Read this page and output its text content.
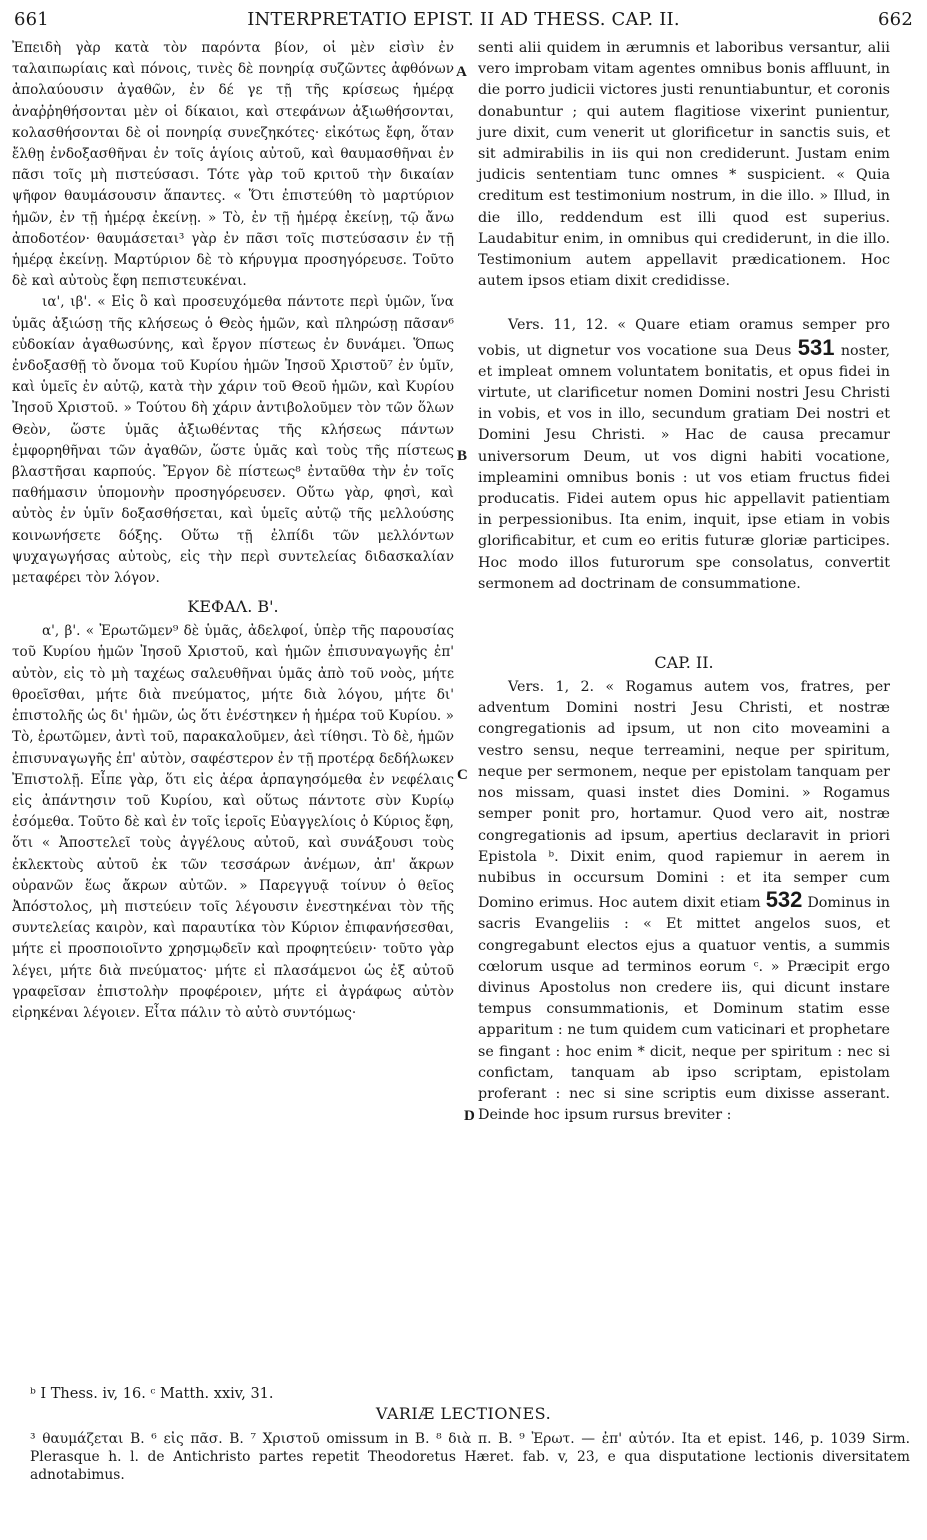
661	INTERPRETATIO EPIST. II AD THESS. CAP. II.	662
A
B
C
D

Ἐπειδὴ γὰρ κατὰ τὸν παρόντα βίον, οἱ μὲν εἰσὶν ἐν ταλαιπωρίαις καὶ πόνοις, τινὲς δὲ πονηρίᾳ συζῶντες ἀφθόνων ἀπολαύουσιν ἀγαθῶν, ἐν δέ γε τῇ τῆς κρίσεως ἡμέρᾳ ἀναῤῥηθήσονται μὲν οἱ δίκαιοι, καὶ στεφάνων ἀξιωθήσονται, κολασθήσονται δὲ οἱ πονηρίᾳ συνεζηκότες· εἰκότως ἔφη, ὅταν ἔλθῃ ἐνδοξασθῆναι ἐν τοῖς ἁγίοις αὐτοῦ, καὶ θαυμασθῆναι ἐν πᾶσι τοῖς μὴ πιστεύσασι. Τότε γὰρ τοῦ κριτοῦ τὴν δικαίαν ψῆφον θαυμάσουσιν ἅπαντες. « Ὅτι ἐπιστεύθη τὸ μαρτύριον ἡμῶν, ἐν τῇ ἡμέρᾳ ἐκείνῃ. » Τὸ, ἐν τῇ ἡμέρᾳ ἐκείνῃ, τῷ ἄνω ἀποδοτέον· θαυμάσεται³ γὰρ ἐν πᾶσι τοῖς πιστεύσασιν ἐν τῇ ἡμέρᾳ ἐκείνῃ. Μαρτύριον δὲ τὸ κήρυγμα προσηγόρευσε. Τοῦτο δὲ καὶ αὐτοὺς ἔφη πεπιστευκέναι.

ια', ιβ'. « Εἰς ὃ καὶ προσευχόμεθα πάντοτε περὶ ὑμῶν, ἵνα ὑμᾶς ἀξιώσῃ τῆς κλήσεως ὁ Θεὸς ἡμῶν, καὶ πληρώσῃ πᾶσαν⁶ εὐδοκίαν ἀγαθωσύνης, καὶ ἔργον πίστεως ἐν δυνάμει. Ὅπως ἐνδοξασθῇ τὸ ὄνομα τοῦ Κυρίου ἡμῶν Ἰησοῦ Χριστοῦ⁷ ἐν ὑμῖν, καὶ ὑμεῖς ἐν αὐτῷ, κατὰ τὴν χάριν τοῦ Θεοῦ ἡμῶν, καὶ Κυρίου Ἰησοῦ Χριστοῦ. » Τούτου δὴ χάριν ἀντιβολοῦμεν τὸν τῶν ὅλων Θεὸν, ὥστε ὑμᾶς ἀξιωθέντας τῆς κλήσεως πάντων ἐμφορηθῆναι τῶν ἀγαθῶν, ὥστε ὑμᾶς καὶ τοὺς τῆς πίστεως βλαστῆσαι καρπούς. Ἔργον δὲ πίστεως⁸ ἐνταῦθα τὴν ἐν τοῖς παθήμασιν ὑπομονὴν προσηγόρευσεν. Οὕτω γὰρ, φησὶ, καὶ αὐτὸς ἐν ὑμῖν δοξασθήσεται, καὶ ὑμεῖς αὐτῷ τῆς μελλούσης κοινωνήσετε δόξης. Οὕτω τῇ ἐλπίδι τῶν μελλόντων ψυχαγωγήσας αὐτοὺς, εἰς τὴν περὶ συντελείας διδασκαλίαν μεταφέρει τὸν λόγον.

ΚΕΦΑΛ. Β'.

α', β'. « Ἐρωτῶμεν⁹ δὲ ὑμᾶς, ἀδελφοί, ὑπὲρ τῆς παρουσίας τοῦ Κυρίου ἡμῶν Ἰησοῦ Χριστοῦ, καὶ ἡμῶν ἐπισυναγωγῆς ἐπ' αὐτὸν, εἰς τὸ μὴ ταχέως σαλευθῆναι ὑμᾶς ἀπὸ τοῦ νοὸς, μήτε θροεῖσθαι, μήτε διὰ πνεύματος, μήτε διὰ λόγου, μήτε δι' ἐπιστολῆς ὡς δι' ἡμῶν, ὡς ὅτι ἐνέστηκεν ἡ ἡμέρα τοῦ Κυρίου. » Τὸ, ἐρωτῶμεν, ἀντὶ τοῦ, παρακαλοῦμεν, ἀεὶ τίθησι. Τὸ δὲ, ἡμῶν ἐπισυναγωγῆς ἐπ' αὐτὸν, σαφέστερον ἐν τῇ προτέρᾳ δεδήλωκεν Ἐπιστολῇ. Εἶπε γὰρ, ὅτι εἰς ἀέρα ἁρπαγησόμεθα ἐν νεφέλαις εἰς ἀπάντησιν τοῦ Κυρίου, καὶ οὕτως πάντοτε σὺν Κυρίῳ ἐσόμεθα. Τοῦτο δὲ καὶ ἐν τοῖς ἱεροῖς Εὐαγγελίοις ὁ Κύριος ἔφη, ὅτι « Ἀποστελεῖ τοὺς ἀγγέλους αὐτοῦ, καὶ συνάξουσι τοὺς ἐκλεκτοὺς αὐτοῦ ἐκ τῶν τεσσάρων ἀνέμων, ἀπ' ἄκρων οὐρανῶν ἕως ἄκρων αὐτῶν. » Παρεγγυᾷ τοίνυν ὁ θεῖος Ἀπόστολος, μὴ πιστεύειν τοῖς λέγουσιν ἐνεστηκέναι τὸν τῆς συντελείας καιρὸν, καὶ παραυτίκα τὸν Κύριον ἐπιφανήσεσθαι, μήτε εἰ προσποιοῖντο χρησμῳδεῖν καὶ προφητεύειν· τοῦτο γὰρ λέγει, μήτε διὰ πνεύματος· μήτε εἰ πλασάμενοι ὡς ἐξ αὐτοῦ γραφεῖσαν ἐπιστολὴν προφέροιεν, μήτε εἰ ἀγράφως αὐτὸν εἰρηκέναι λέγοιεν. Εἶτα πάλιν τὸ αὐτὸ συντόμως·

senti alii quidem in ærumnis et laboribus versantur, alii vero improbam vitam agentes omnibus bonis affluunt, in die porro judicii victores justi renuntiabuntur, et coronis donabuntur ; qui autem flagitiose vixerint punientur, jure dixit, cum venerit ut glorificetur in sanctis suis, et sit admirabilis in iis qui non crediderunt. Justam enim judicis sententiam tunc omnes * suspicient. « Quia creditum est testimonium nostrum, in die illo. » Illud, in die illo, reddendum est illi quod est superius. Laudabitur enim, in omnibus qui crediderunt, in die illo. Testimonium autem appellavit prædicationem. Hoc autem ipsos etiam dixit credidisse.

Vers. 11, 12. « Quare etiam oramus semper pro vobis, ut dignetur vos vocatione sua Deus 531 noster, et impleat omnem voluntatem bonitatis, et opus fidei in virtute, ut clarificetur nomen Domini nostri Jesu Christi in vobis, et vos in illo, secundum gratiam Dei nostri et Domini Jesu Christi. » Hac de causa precamur universorum Deum, ut vos digni habiti vocatione, impleamini omnibus bonis : ut vos etiam fructus fidei producatis. Fidei autem opus hic appellavit patientiam in perpessionibus. Ita enim, inquit, ipse etiam in vobis glorificabitur, et cum eo eritis futuræ gloriæ participes. Hoc modo illos futurorum spe consolatus, convertit sermonem ad doctrinam de consummatione.

CAP. II.

Vers. 1, 2. « Rogamus autem vos, fratres, per adventum Domini nostri Jesu Christi, et nostræ congregationis ad ipsum, ut non cito moveamini a vestro sensu, neque terreamini, neque per spiritum, neque per sermonem, neque per epistolam tanquam per nos missam, quasi instet dies Domini. » Rogamus semper ponit pro, hortamur. Quod vero ait, nostræ congregationis ad ipsum, apertius declaravit in priori Epistola ᵇ. Dixit enim, quod rapiemur in aerem in nubibus in occursum Domini : et ita semper cum Domino erimus. Hoc autem dixit etiam 532 Dominus in sacris Evangeliis : « Et mittet angelos suos, et congregabunt electos ejus a quatuor ventis, a summis cœlorum usque ad terminos eorum ᶜ. » Præcipit ergo divinus Apostolus non credere iis, qui dicunt instare tempus consummationis, et Dominum statim esse apparitum : ne tum quidem cum vaticinari et prophetare se fingant : hoc enim * dicit, neque per spiritum : nec si confictam, tanquam ab ipso scriptam, epistolam proferant : nec si sine scriptis eum dixisse asserant. Deinde hoc ipsum rursus breviter :

ᵇ I Thess. iv, 16. ᶜ Matth. xxiv, 31.
VARIÆ LECTIONES.
³ θαυμάζεται B. ⁶ εἰς πᾶσ. B. ⁷ Χριστοῦ omissum in B. ⁸ διὰ π. B. ⁹ Ἐρωτ. — ἐπ' αὐτόν. Ita et epist. 146, p. 1039 Sirm. Plerasque h. l. de Antichristo partes repetit Theodoretus Hæret. fab. v, 23, e qua disputatione lectionis diversitatem adnotabimus.
